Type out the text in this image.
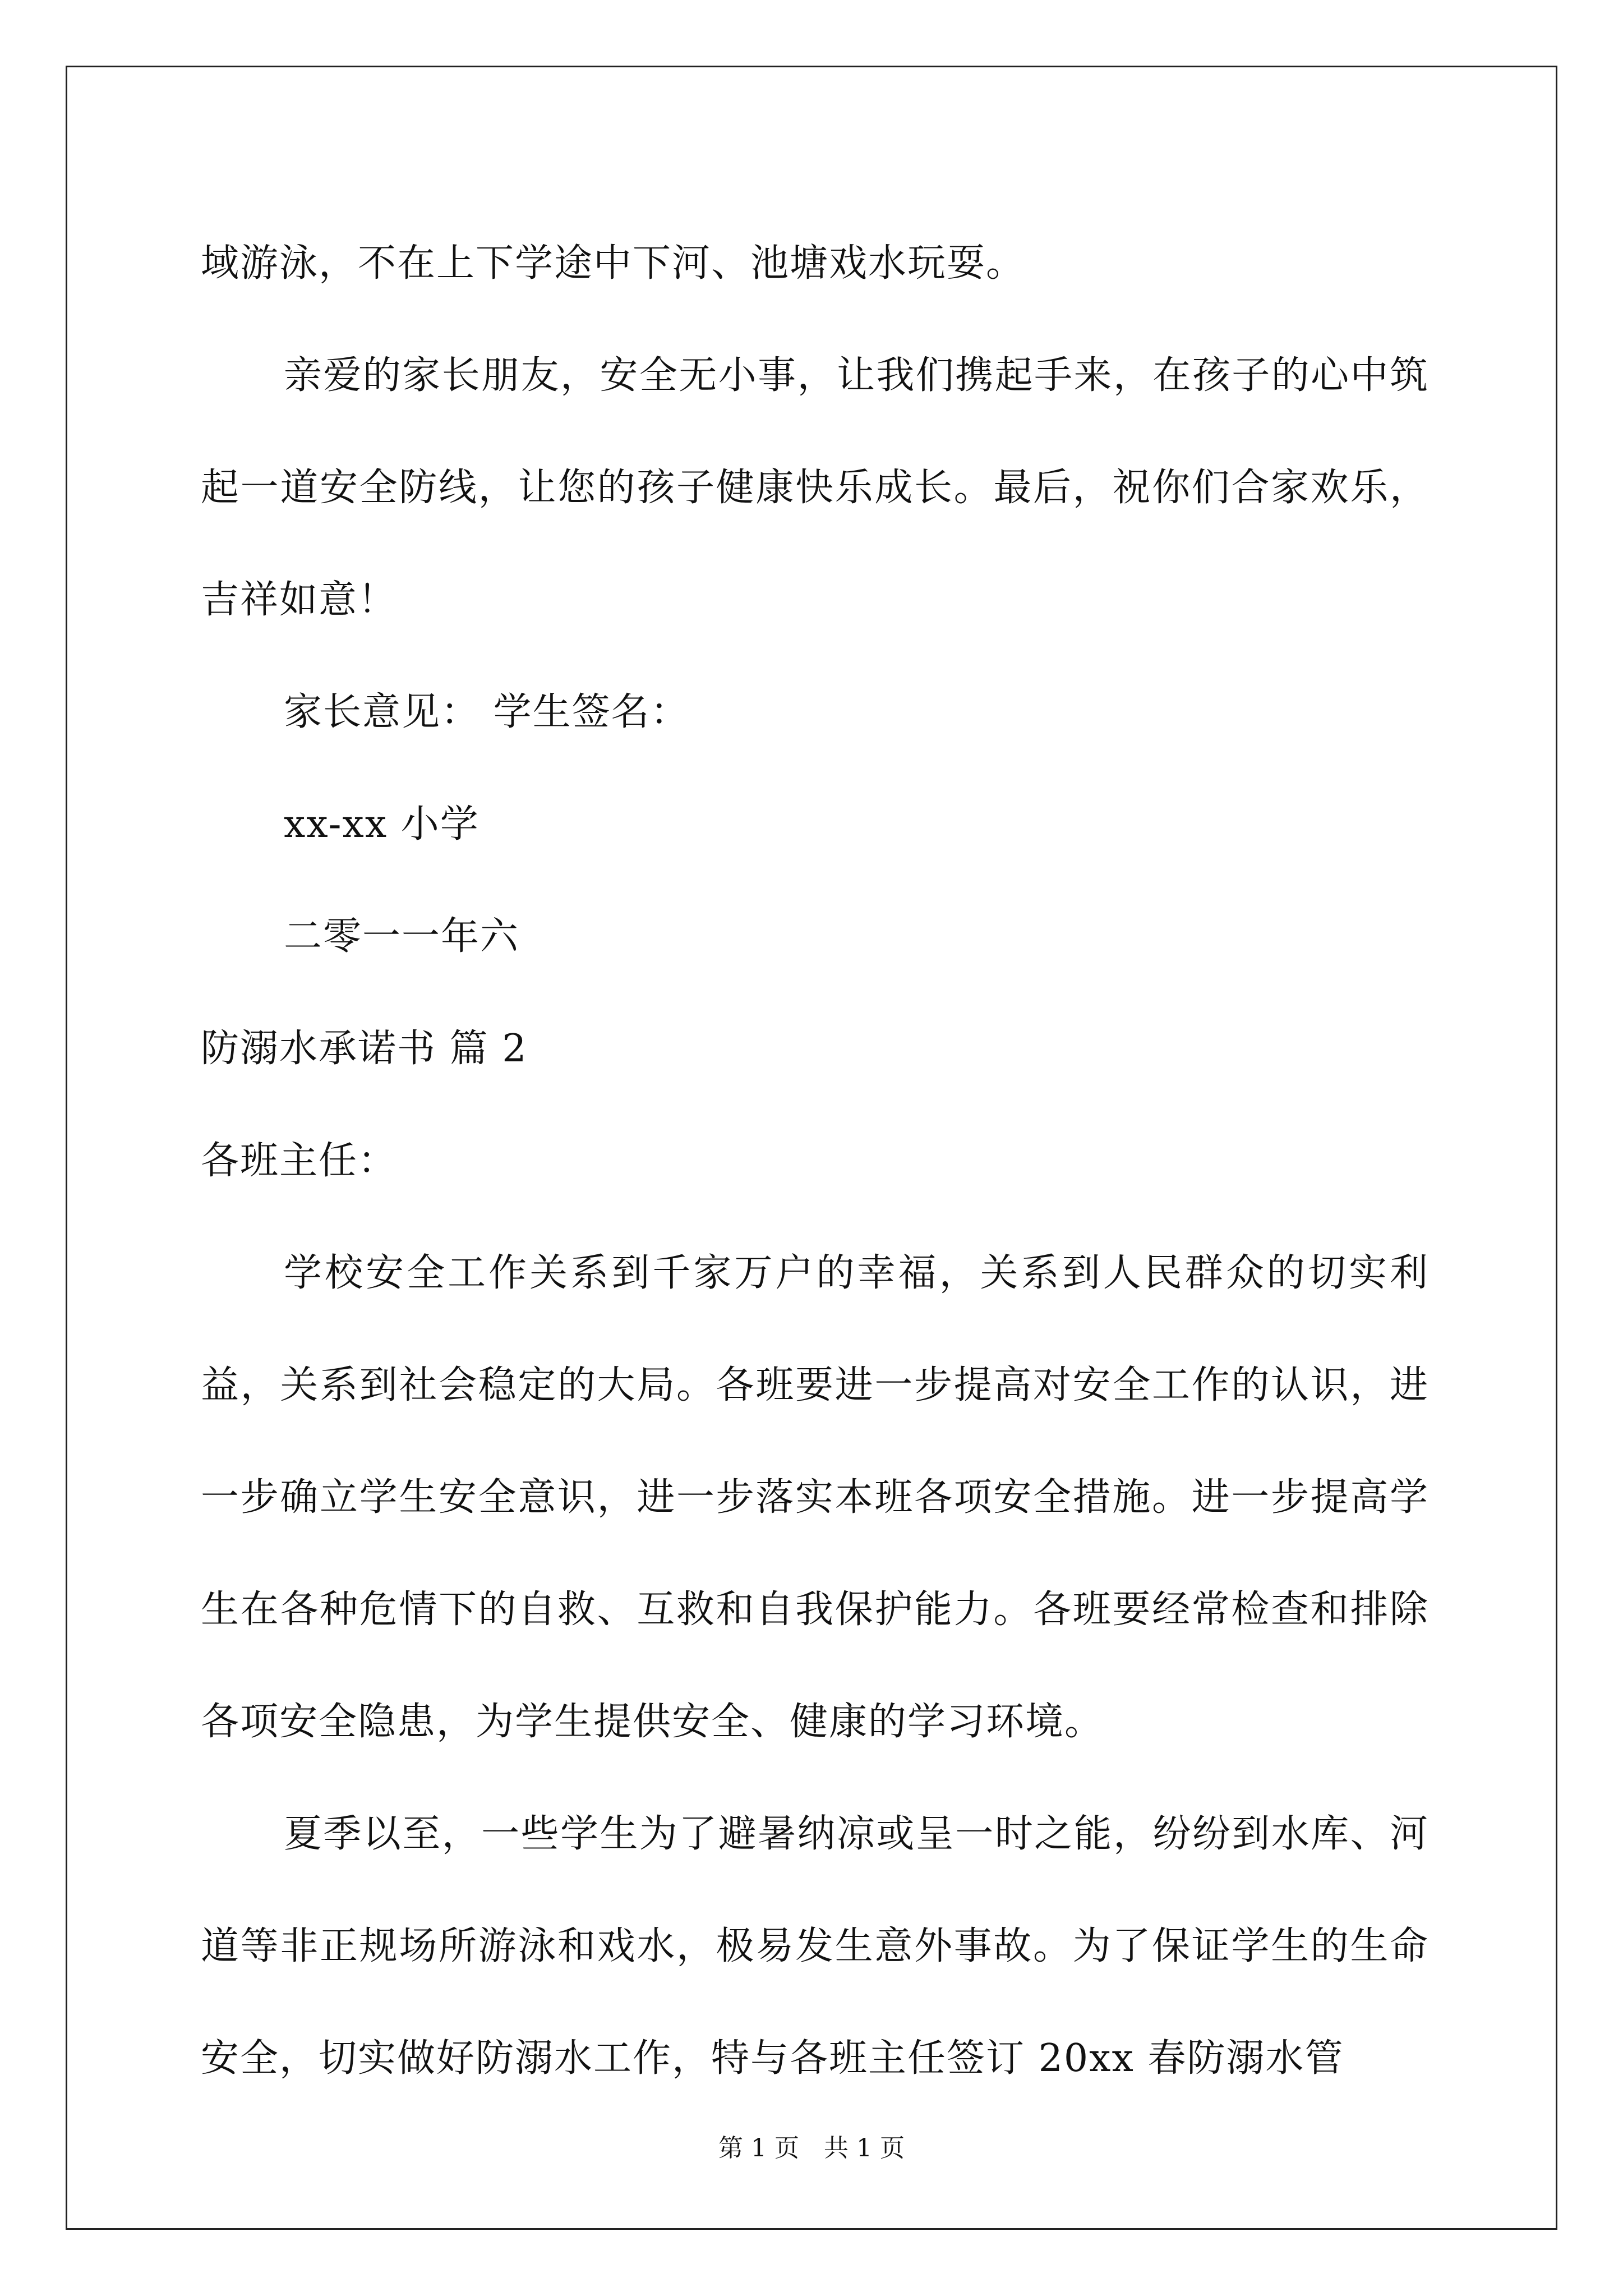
域游泳，不在上下学途中下河、池塘戏水玩耍。

亲爱的家长朋友，安全无小事，让我们携起手来，在孩子的心中筑起一道安全防线，让您的孩子健康快乐成长。最后，祝你们合家欢乐，吉祥如意！

家长意见： 学生签名：

xx-xx 小学

二零一一年六

防溺水承诺书 篇 2

各班主任：

学校安全工作关系到千家万户的幸福，关系到人民群众的切实利益，关系到社会稳定的大局。各班要进一步提高对安全工作的认识，进一步确立学生安全意识，进一步落实本班各项安全措施。进一步提高学生在各种危情下的自救、互救和自我保护能力。各班要经常检查和排除各项安全隐患，为学生提供安全、健康的学习环境。

夏季以至，一些学生为了避暑纳凉或呈一时之能，纷纷到水库、河道等非正规场所游泳和戏水，极易发生意外事故。为了保证学生的生命安全，切实做好防溺水工作，特与各班主任签订 20xx 春防溺水管

第 1 页 共 1 页
